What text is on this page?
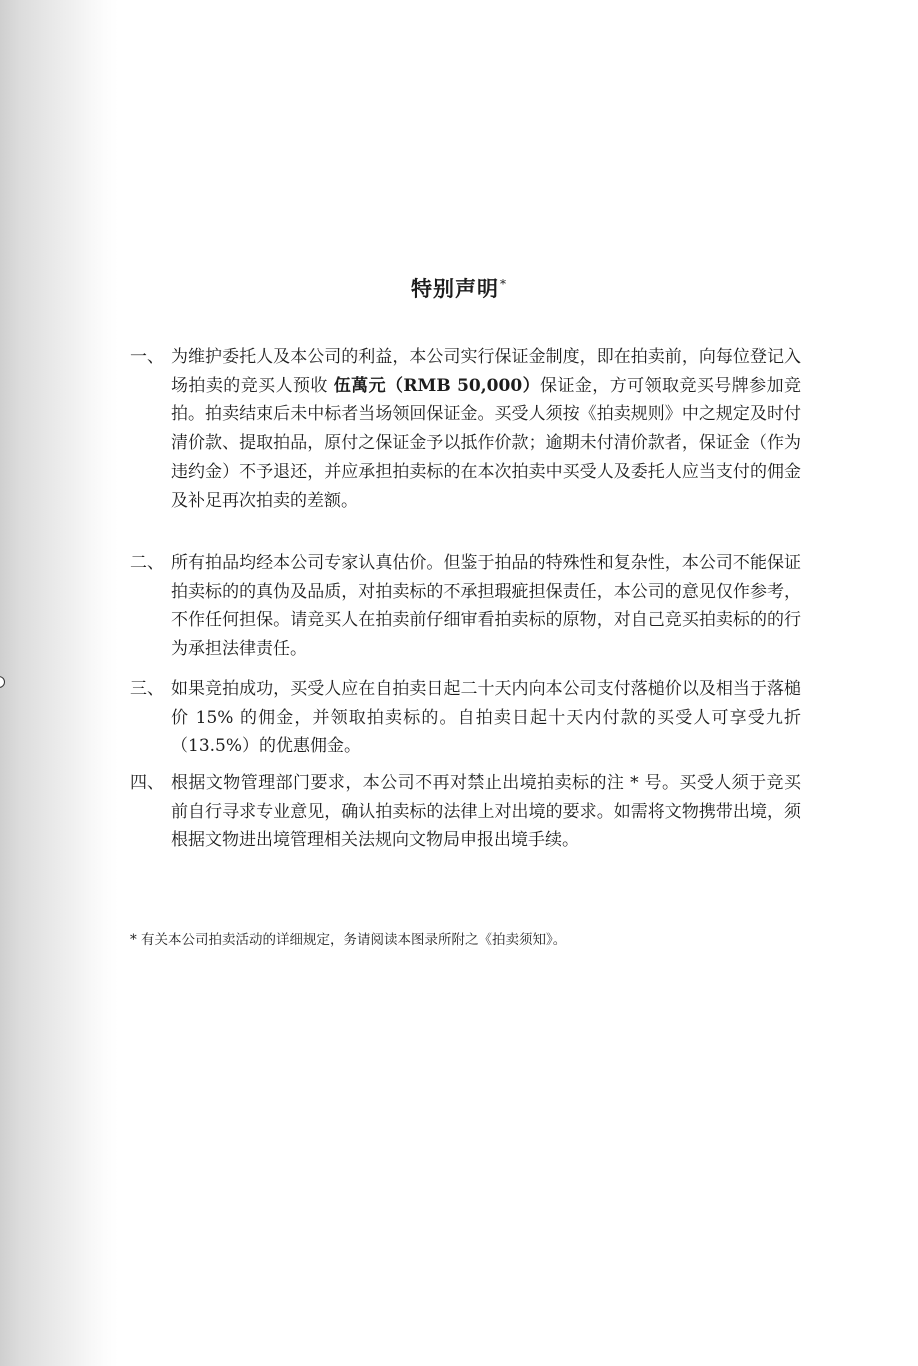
特别声明*
一、 为维护委托人及本公司的利益，本公司实行保证金制度，即在拍卖前，向每位登记入场拍卖的竞买人预收 伍萬元（RMB 50,000）保证金，方可领取竞买号牌参加竞拍。拍卖结束后未中标者当场领回保证金。买受人须按《拍卖规则》中之规定及时付清价款、提取拍品，原付之保证金予以抵作价款；逾期未付清价款者，保证金（作为违约金）不予退还，并应承担拍卖标的在本次拍卖中买受人及委托人应当支付的佣金及补足再次拍卖的差额。
二、 所有拍品均经本公司专家认真估价。但鉴于拍品的特殊性和复杂性，本公司不能保证拍卖标的的真伪及品质，对拍卖标的不承担瑕疵担保责任，本公司的意见仅作参考，不作任何担保。请竞买人在拍卖前仔细审看拍卖标的原物，对自己竞买拍卖标的的行为承担法律责任。
三、 如果竞拍成功，买受人应在自拍卖日起二十天内向本公司支付落槌价以及相当于落槌价 15% 的佣金，并领取拍卖标的。自拍卖日起十天内付款的买受人可享受九折（13.5%）的优惠佣金。
四、 根据文物管理部门要求，本公司不再对禁止出境拍卖标的注 * 号。买受人须于竞买前自行寻求专业意见，确认拍卖标的法律上对出境的要求。如需将文物携带出境，须根据文物进出境管理相关法规向文物局申报出境手续。
* 有关本公司拍卖活动的详细规定，务请阅读本图录所附之《拍卖须知》。
